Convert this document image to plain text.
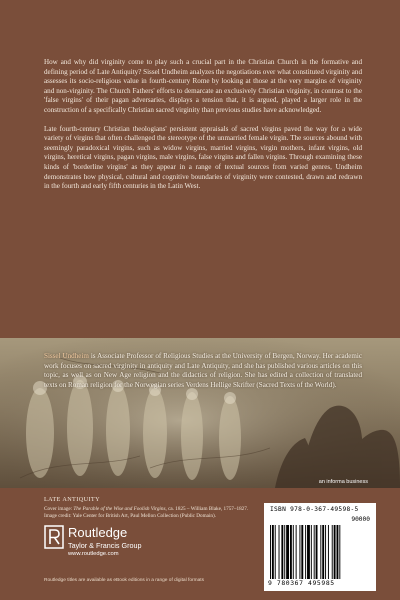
How and why did virginity come to play such a crucial part in the Christian Church in the formative and defining period of Late Antiquity? Sissel Undheim analyzes the negotiations over what constituted virginity and assesses its socio-religious value in fourth-century Rome by looking at those at the very margins of virginity and non-virginity. The Church Fathers' efforts to demarcate an exclusively Christian virginity, in contrast to the 'false virgins' of their pagan adversaries, displays a tension that, it is argued, played a larger role in the construction of a specifically Christian sacred virginity than previous studies have acknowledged.

Late fourth-century Christian theologians' persistent appraisals of sacred virgins paved the way for a wide variety of virgins that often challenged the stereotype of the unmarried female virgin. The sources abound with seemingly paradoxical virgins, such as widow virgins, married virgins, virgin mothers, infant virgins, old virgins, heretical virgins, pagan virgins, male virgins, false virgins and fallen virgins. Through examining these kinds of 'borderline virgins' as they appear in a range of textual sources from varied genres, Undheim demonstrates how physical, cultural and cognitive boundaries of virginity were contested, drawn and redrawn in the fourth and early fifth centuries in the Latin West.

Sissel Undheim is Associate Professor of Religious Studies at the University of Bergen, Norway. Her academic work focuses on sacred virginity in antiquity and Late Antiquity, and she has published various articles on this topic, as well as on New Age religion and the didactics of religion. She has edited a collection of translated texts on Roman religion for the Norwegian series Verdens Hellige Skrifter (Sacred Texts of the World).
an informa business
LATE ANTIQUITY
Cover image: The Parable of the Wise and Foolish Virgins, ca. 1825 – William Blake, 1757–1827.
Image credit: Yale Center for British Art, Paul Mellon Collection (Public Domain).
Routledge
Taylor & Francis Group
www.routledge.com
Routledge titles are available as eBook editions in a range of digital formats
ISBN 978-0-367-49598-5
90000
9 780367 495985
